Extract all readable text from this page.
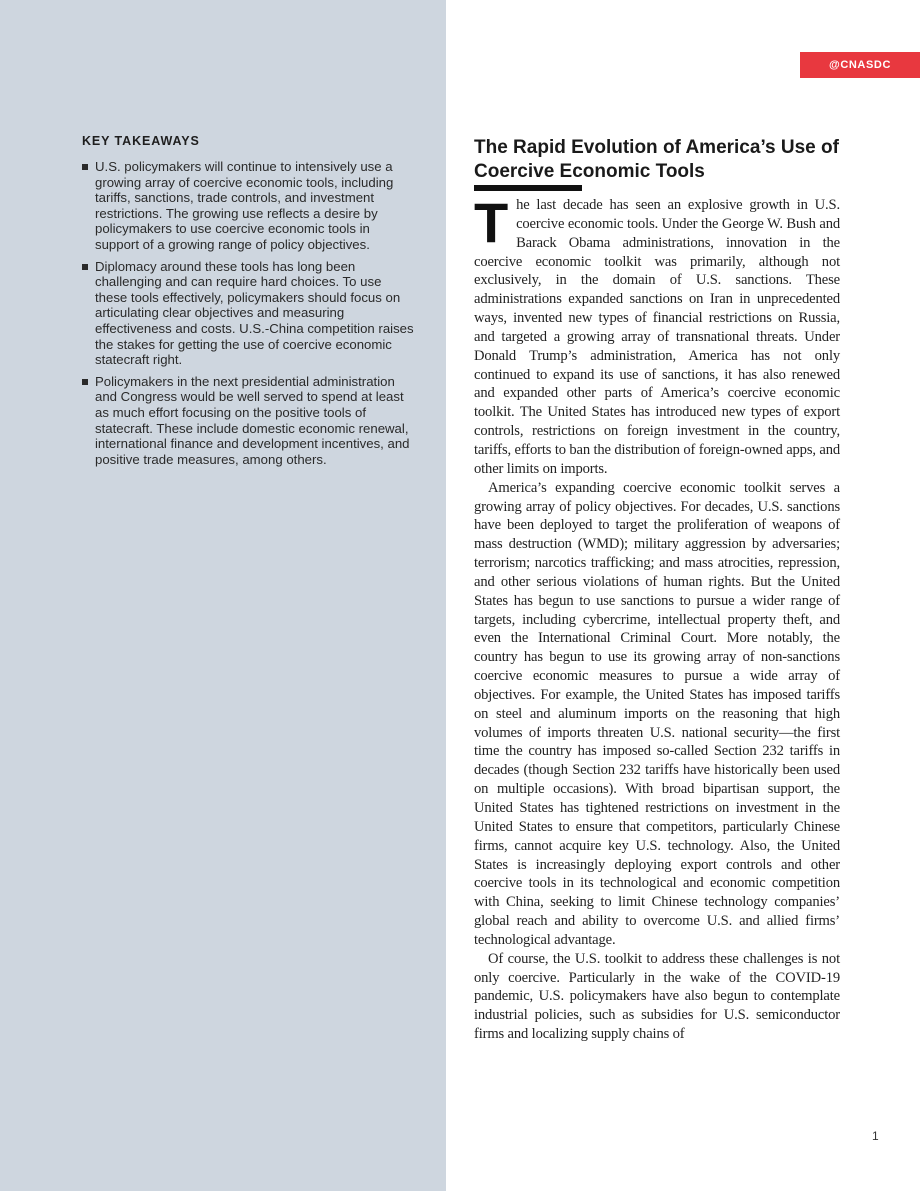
KEY TAKEAWAYS
U.S. policymakers will continue to intensively use a growing array of coercive economic tools, including tariffs, sanctions, trade controls, and investment restrictions. The growing use reflects a desire by policymakers to use coercive economic tools in support of a growing range of policy objectives.
Diplomacy around these tools has long been challenging and can require hard choices. To use these tools effectively, policymakers should focus on articulating clear objectives and measuring effectiveness and costs. U.S.-China competition raises the stakes for getting the use of coercive economic statecraft right.
Policymakers in the next presidential administration and Congress would be well served to spend at least as much effort focusing on the positive tools of statecraft. These include domestic economic renewal, international finance and development incentives, and positive trade measures, among others.
@CNASDC
The Rapid Evolution of America’s Use of Coercive Economic Tools

The last decade has seen an explosive growth in U.S. coercive economic tools. Under the George W. Bush and Barack Obama administrations, innovation in the coercive economic toolkit was primarily, although not exclusively, in the domain of U.S. sanctions. These administrations expanded sanctions on Iran in unprecedented ways, invented new types of financial restrictions on Russia, and targeted a growing array of transnational threats. Under Donald Trump’s administration, America has not only continued to expand its use of sanctions, it has also renewed and expanded other parts of America’s coercive economic toolkit. The United States has introduced new types of export controls, restrictions on foreign investment in the country, tariffs, efforts to ban the distribution of foreign-owned apps, and other limits on imports.

America’s expanding coercive economic toolkit serves a growing array of policy objectives. For decades, U.S. sanctions have been deployed to target the proliferation of weapons of mass destruction (WMD); military aggression by adversaries; terrorism; narcotics trafficking; and mass atrocities, repression, and other serious violations of human rights. But the United States has begun to use sanctions to pursue a wider range of targets, including cybercrime, intellectual property theft, and even the International Criminal Court. More notably, the country has begun to use its growing array of non-sanctions coercive economic measures to pursue a wide array of objectives. For example, the United States has imposed tariffs on steel and aluminum imports on the reasoning that high volumes of imports threaten U.S. national security—the first time the country has imposed so-called Section 232 tariffs in decades (though Section 232 tariffs have historically been used on multiple occasions). With broad bipartisan support, the United States has tightened restrictions on investment in the United States to ensure that competitors, particularly Chinese firms, cannot acquire key U.S. technology. Also, the United States is increasingly deploying export controls and other coercive tools in its technological and economic competition with China, seeking to limit Chinese technology companies’ global reach and ability to overcome U.S. and allied firms’ technological advantage.

Of course, the U.S. toolkit to address these challenges is not only coercive. Particularly in the wake of the COVID-19 pandemic, U.S. policymakers have also begun to contemplate industrial policies, such as subsidies for U.S. semiconductor firms and localizing supply chains of

1
